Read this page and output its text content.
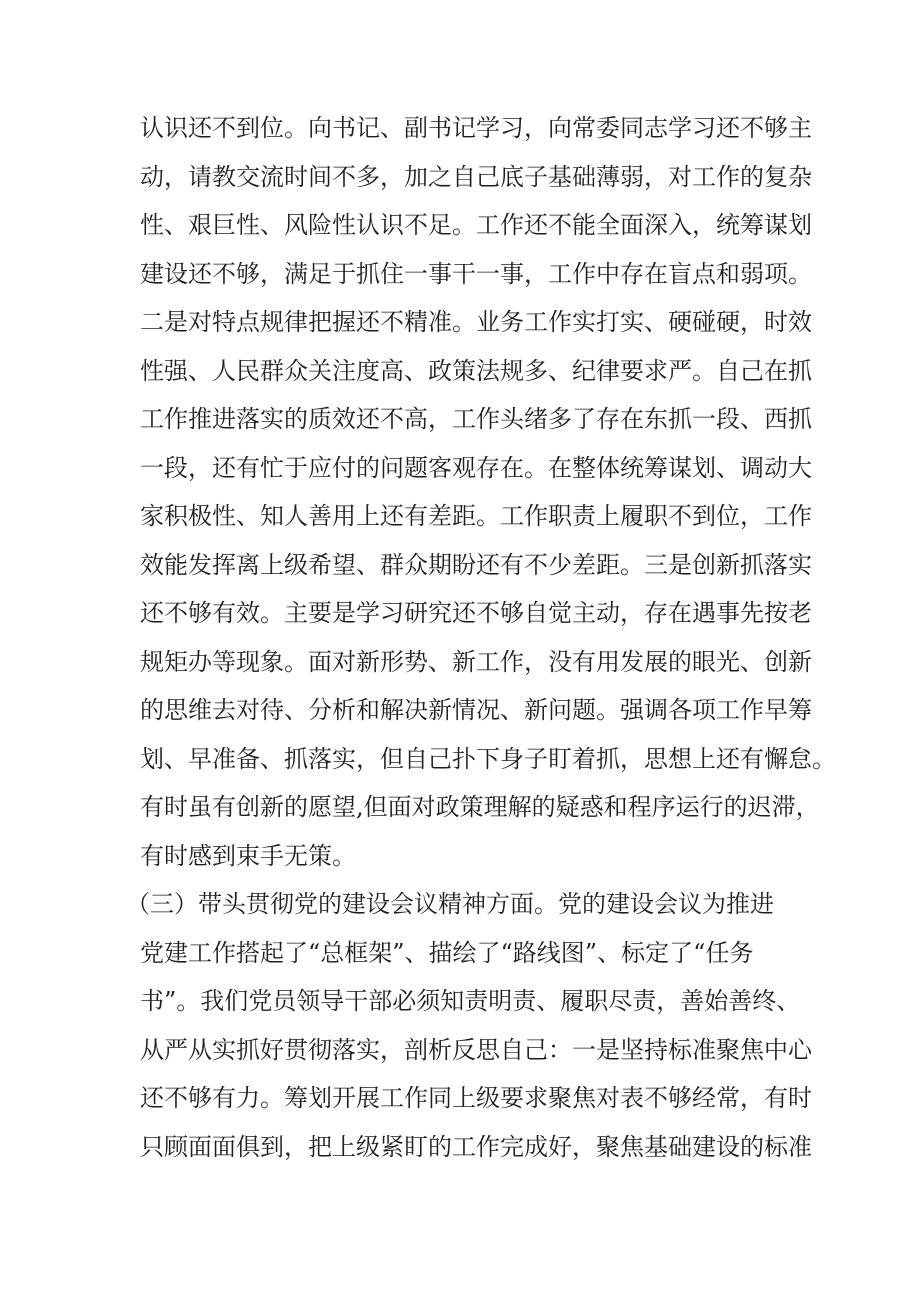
认识还不到位。向书记、副书记学习，向常委同志学习还不够主
动，请教交流时间不多，加之自己底子基础薄弱，对工作的复杂
性、艰巨性、风险性认识不足。工作还不能全面深入，统筹谋划
建设还不够，满足于抓住一事干一事，工作中存在盲点和弱项。
二是对特点规律把握还不精准。业务工作实打实、硬碰硬，时效
性强、人民群众关注度高、政策法规多、纪律要求严。自己在抓
工作推进落实的质效还不高，工作头绪多了存在东抓一段、西抓
一段，还有忙于应付的问题客观存在。在整体统筹谋划、调动大
家积极性、知人善用上还有差距。工作职责上履职不到位，工作
效能发挥离上级希望、群众期盼还有不少差距。三是创新抓落实
还不够有效。主要是学习研究还不够自觉主动，存在遇事先按老
规矩办等现象。面对新形势、新工作，没有用发展的眼光、创新
的思维去对待、分析和解决新情况、新问题。强调各项工作早筹
划、早准备、抓落实，但自己扑下身子盯着抓，思想上还有懈怠。
有时虽有创新的愿望,但面对政策理解的疑惑和程序运行的迟滞，
有时感到束手无策。
（三）带头贯彻党的建设会议精神方面。党的建设会议为推进
党建工作搭起了“总框架”、描绘了“路线图”、标定了“任务
书”。我们党员领导干部必须知责明责、履职尽责，善始善终、
从严从实抓好贯彻落实，剖析反思自己：一是坚持标准聚焦中心
还不够有力。筹划开展工作同上级要求聚焦对表不够经常，有时
只顾面面俱到，把上级紧盯的工作完成好，聚焦基础建设的标准
